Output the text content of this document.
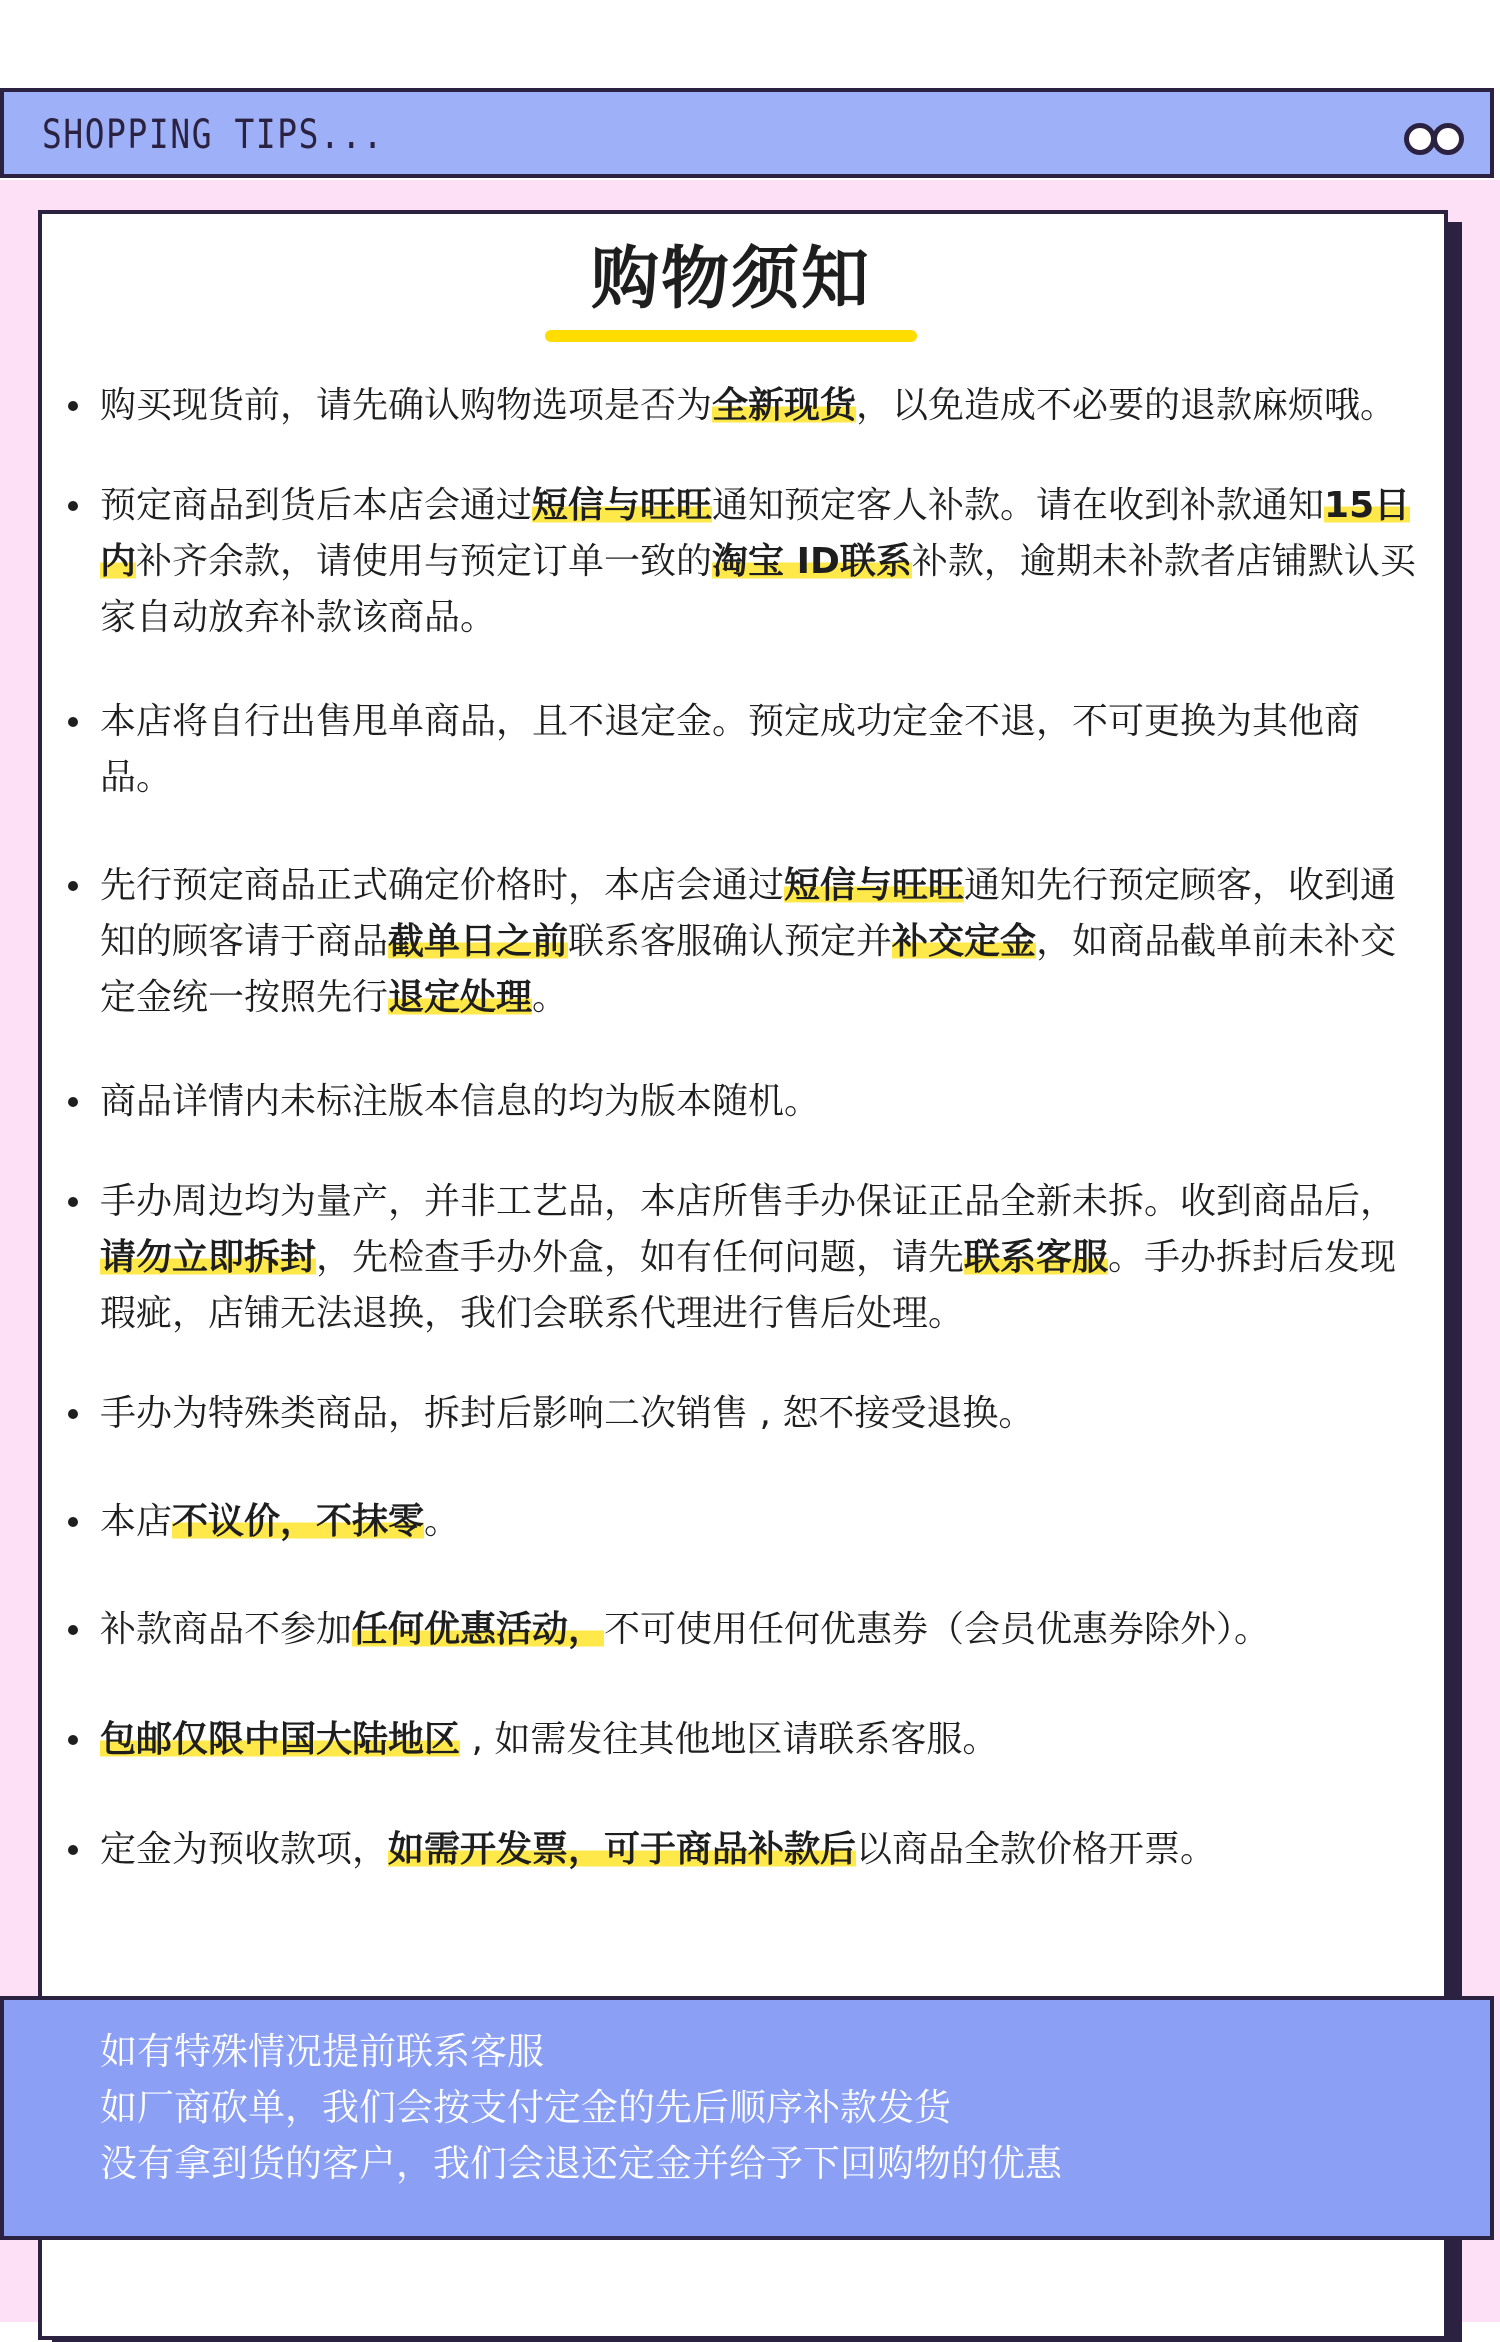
SHOPPING TIPS...
购物须知
购买现货前，请先确认购物选项是否为全新现货，以免造成不必要的退款麻烦哦。
预定商品到货后本店会通过短信与旺旺通知预定客人补款。请在收到补款通知15日内补齐余款，请使用与预定订单一致的淘宝 ID联系补款，逾期未补款者店铺默认买家自动放弃补款该商品。
本店将自行出售甩单商品，且不退定金。预定成功定金不退，不可更换为其他商品。
先行预定商品正式确定价格时，本店会通过短信与旺旺通知先行预定顾客，收到通知的顾客请于商品截单日之前联系客服确认预定并补交定金，如商品截单前未补交定金统一按照先行退定处理。
商品详情内未标注版本信息的均为版本随机。
手办周边均为量产，并非工艺品，本店所售手办保证正品全新未拆。收到商品后，请勿立即拆封，先检查手办外盒，如有任何问题，请先联系客服。手办拆封后发现瑕疵，店铺无法退换，我们会联系代理进行售后处理。
手办为特殊类商品，拆封后影响二次销售 , 恕不接受退换。
本店不议价，不抹零。
补款商品不参加任何优惠活动，不可使用任何优惠券（会员优惠券除外）。
包邮仅限中国大陆地区 , 如需发往其他地区请联系客服。
定金为预收款项，如需开发票，可于商品补款后以商品全款价格开票。
如有特殊情况提前联系客服
如厂商砍单，我们会按支付定金的先后顺序补款发货
没有拿到货的客户，我们会退还定金并给予下回购物的优惠
